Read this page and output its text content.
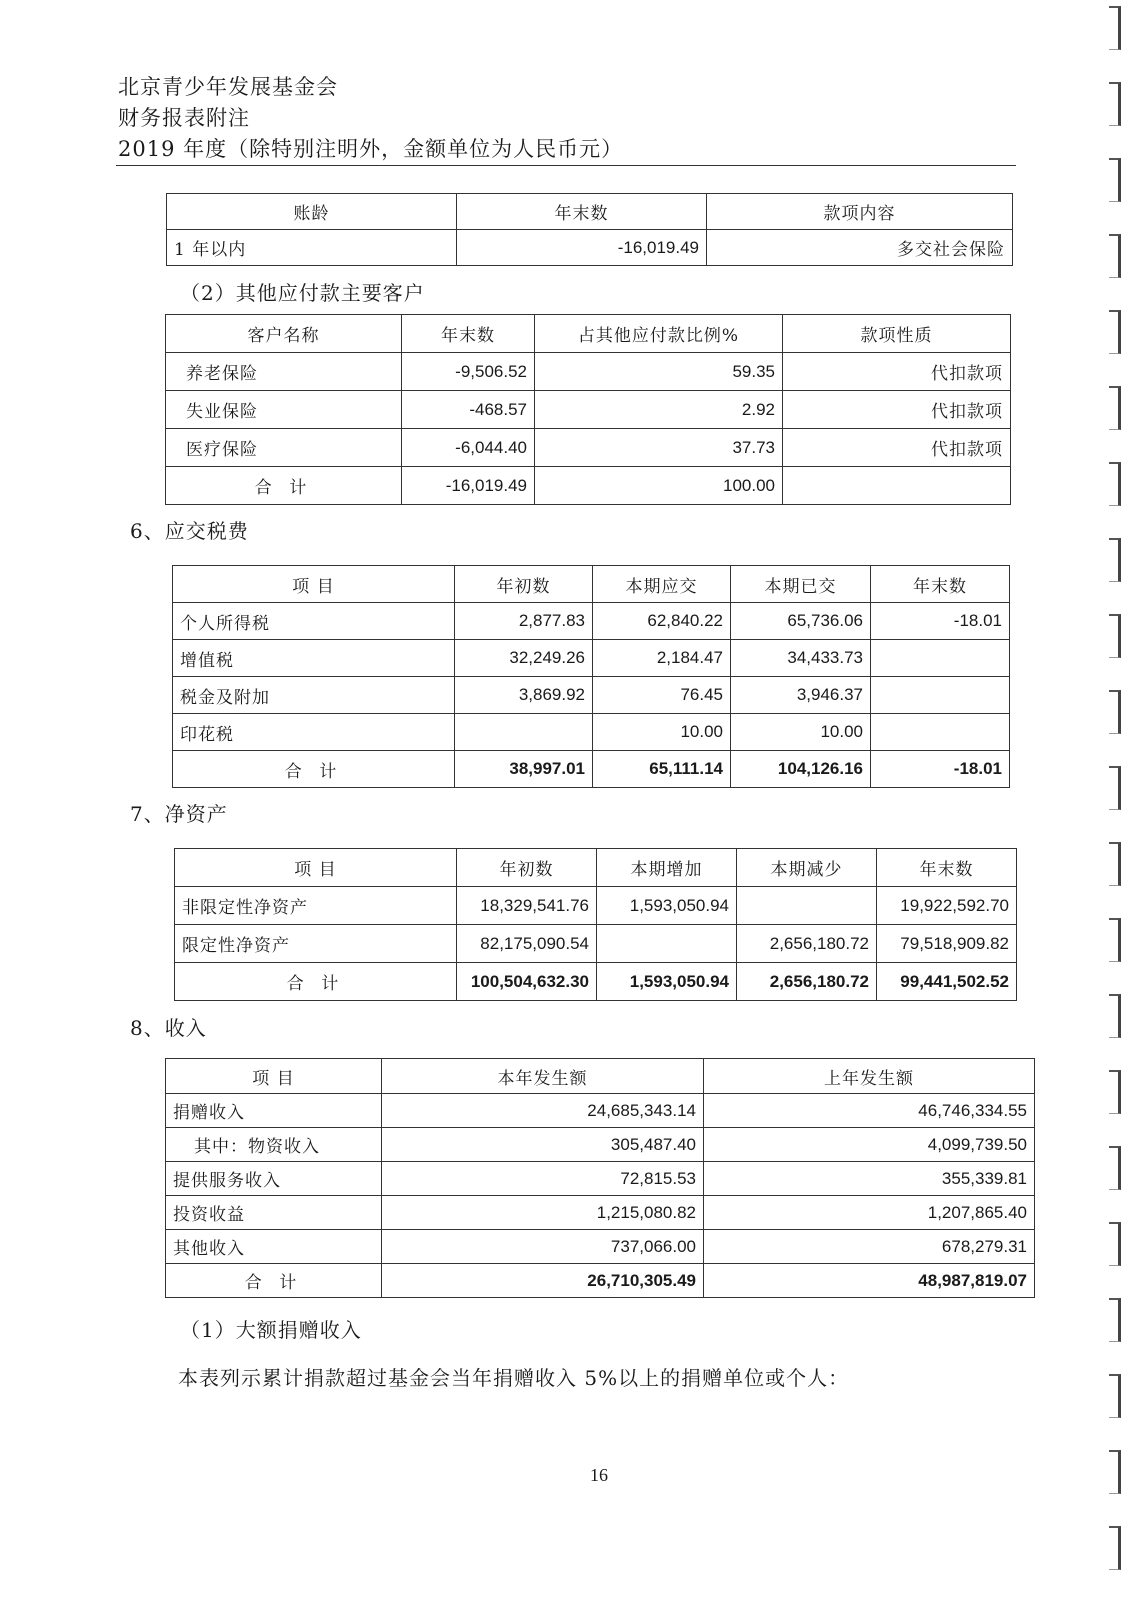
北京青少年发展基金会
财务报表附注
2019 年度（除特别注明外，金额单位为人民币元）
账龄	年末数	款项内容
1 年以内	-16,019.49	多交社会保险
（2）其他应付款主要客户
客户名称	年末数	占其他应付款比例%	款项性质
养老保险	-9,506.52	59.35	代扣款项
失业保险	-468.57	2.92	代扣款项
医疗保险	-6,044.40	37.73	代扣款项
合 计	-16,019.49	100.00	
6、应交税费
项 目	年初数	本期应交	本期已交	年末数
个人所得税	2,877.83	62,840.22	65,736.06	-18.01
增值税	32,249.26	2,184.47	34,433.73	
税金及附加	3,869.92	76.45	3,946.37	
印花税		10.00	10.00	
合 计	38,997.01	65,111.14	104,126.16	-18.01
7、净资产
项 目	年初数	本期增加	本期减少	年末数
非限定性净资产	18,329,541.76	1,593,050.94		19,922,592.70
限定性净资产	82,175,090.54		2,656,180.72	79,518,909.82
合 计	100,504,632.30	1,593,050.94	2,656,180.72	99,441,502.52
8、收入
项 目	本年发生额	上年发生额
捐赠收入	24,685,343.14	46,746,334.55
其中：物资收入	305,487.40	4,099,739.50
提供服务收入	72,815.53	355,339.81
投资收益	1,215,080.82	1,207,865.40
其他收入	737,066.00	678,279.31
合 计	26,710,305.49	48,987,819.07
（1）大额捐赠收入
本表列示累计捐款超过基金会当年捐赠收入 5%以上的捐赠单位或个人：
16
